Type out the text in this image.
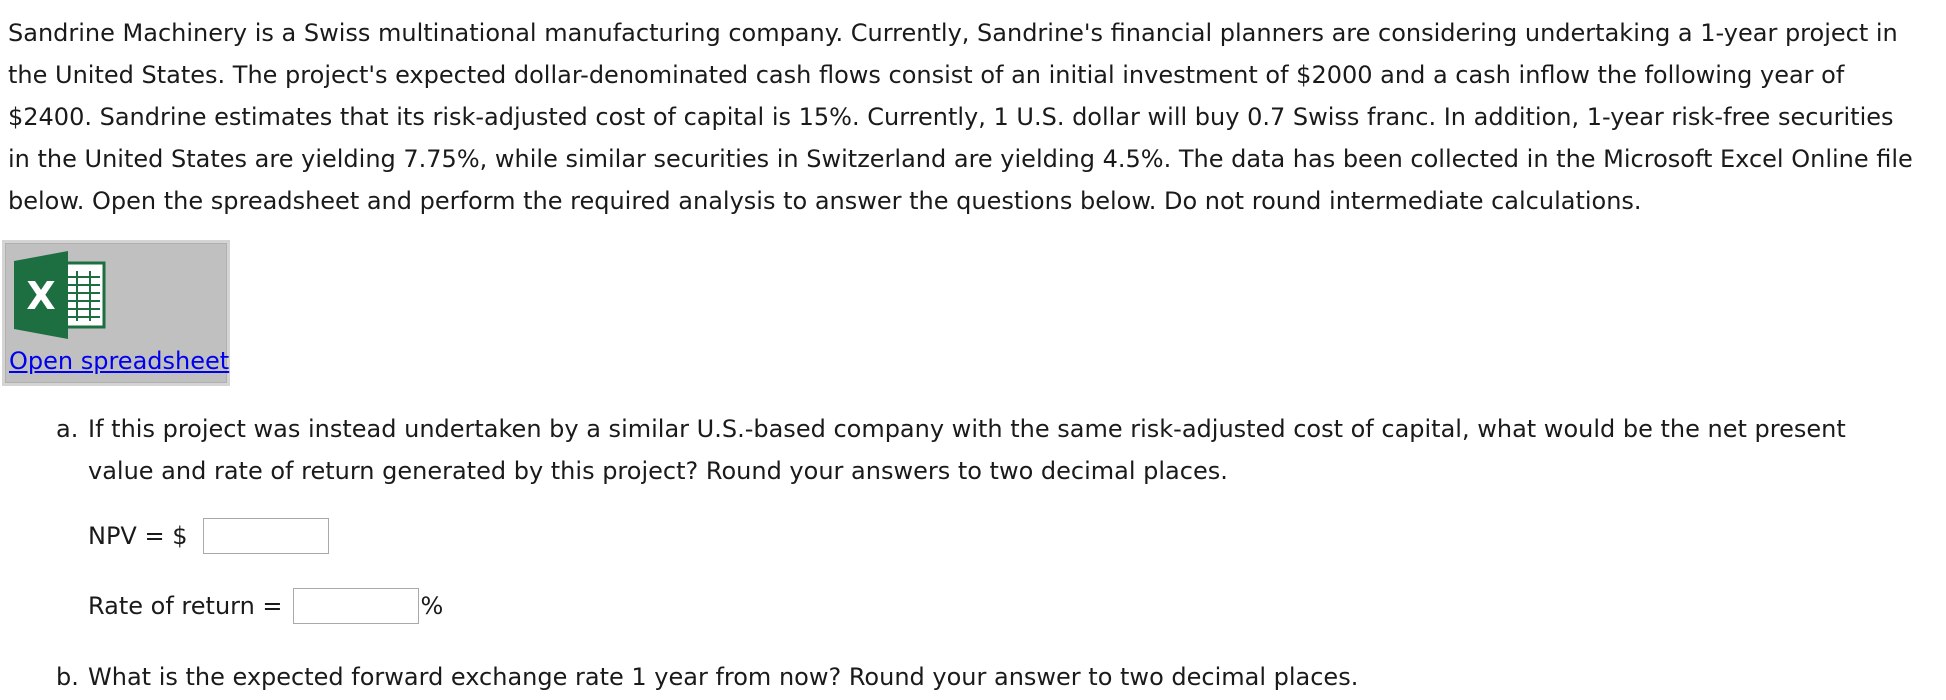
Sandrine Machinery is a Swiss multinational manufacturing company. Currently, Sandrine's financial planners are considering undertaking a 1-year project in the United States. The project's expected dollar-denominated cash flows consist of an initial investment of $2000 and a cash inflow the following year of $2400. Sandrine estimates that its risk-adjusted cost of capital is 15%. Currently, 1 U.S. dollar will buy 0.7 Swiss franc. In addition, 1-year risk-free securities in the United States are yielding 7.75%, while similar securities in Switzerland are yielding 4.5%. The data has been collected in the Microsoft Excel Online file below. Open the spreadsheet and perform the required analysis to answer the questions below. Do not round intermediate calculations.

X
Open spreadsheet
a. If this project was instead undertaken by a similar U.S.-based company with the same risk-adjusted cost of capital, what would be the net present value and rate of return generated by this project? Round your answers to two decimal places.
NPV = $
Rate of return =	%
b. What is the expected forward exchange rate 1 year from now? Round your answer to two decimal places.
